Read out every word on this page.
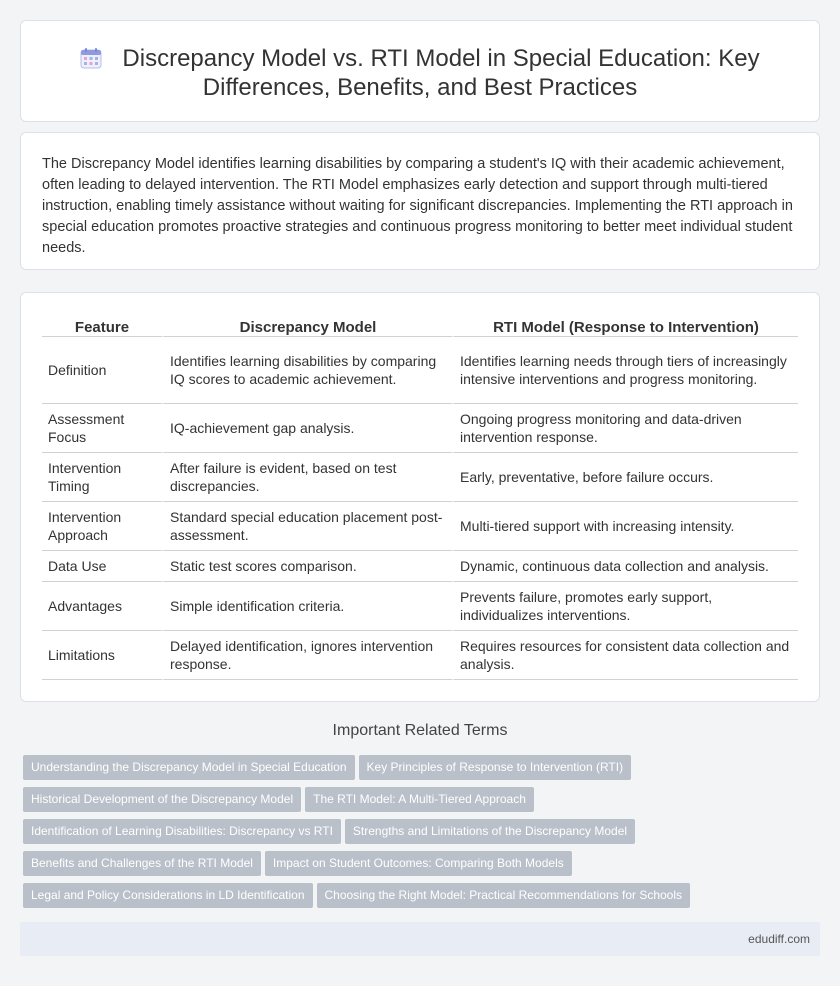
Discrepancy Model vs. RTI Model in Special Education: Key Differences, Benefits, and Best Practices

The Discrepancy Model identifies learning disabilities by comparing a student's IQ with their academic achievement, often leading to delayed intervention. The RTI Model emphasizes early detection and support through multi-tiered instruction, enabling timely assistance without waiting for significant discrepancies. Implementing the RTI approach in special education promotes proactive strategies and continuous progress monitoring to better meet individual student needs.

Feature	Discrepancy Model	RTI Model (Response to Intervention)
Definition	Identifies learning disabilities by comparing IQ scores to academic achievement.	Identifies learning needs through tiers of increasingly intensive interventions and progress monitoring.
Assessment Focus	IQ-achievement gap analysis.	Ongoing progress monitoring and data-driven intervention response.
Intervention Timing	After failure is evident, based on test discrepancies.	Early, preventative, before failure occurs.
Intervention Approach	Standard special education placement post-assessment.	Multi-tiered support with increasing intensity.
Data Use	Static test scores comparison.	Dynamic, continuous data collection and analysis.
Advantages	Simple identification criteria.	Prevents failure, promotes early support, individualizes interventions.
Limitations	Delayed identification, ignores intervention response.	Requires resources for consistent data collection and analysis.
Important Related Terms
Understanding the Discrepancy Model in Special Education Key Principles of Response to Intervention (RTI)
Historical Development of the Discrepancy Model The RTI Model: A Multi-Tiered Approach
Identification of Learning Disabilities: Discrepancy vs RTI Strengths and Limitations of the Discrepancy Model
Benefits and Challenges of the RTI Model Impact on Student Outcomes: Comparing Both Models
Legal and Policy Considerations in LD Identification Choosing the Right Model: Practical Recommendations for Schools
edudiff.com
